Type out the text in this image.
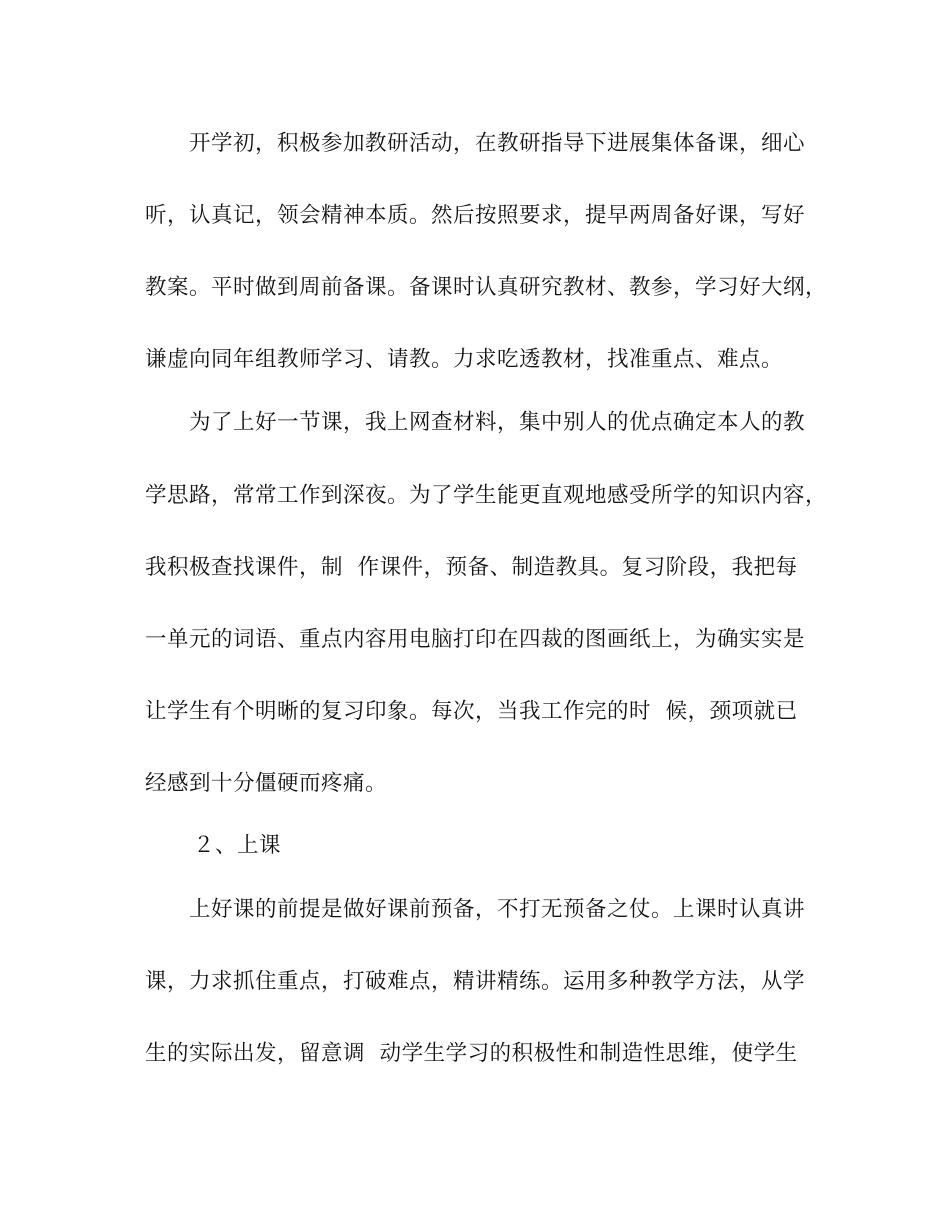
开学初，积极参加教研活动，在教研指导下进展集体备课，细心
听，认真记，领会精神本质。然后按照要求，提早两周备好课，写好
教案。平时做到周前备课。备课时认真研究教材、教参，学习好大纲，
谦虚向同年组教师学习、请教。力求吃透教材，找准重点、难点。
为了上好一节课，我上网查材料，集中别人的优点确定本人的教
学思路，常常工作到深夜。为了学生能更直观地感受所学的知识内容，
我积极查找课件，制  作课件，预备、制造教具。复习阶段，我把每
一单元的词语、重点内容用电脑打印在四裁的图画纸上，为确实实是
让学生有个明晰的复习印象。每次，当我工作完的时  候，颈项就已
经感到十分僵硬而疼痛。
２、上课
上好课的前提是做好课前预备，不打无预备之仗。上课时认真讲
课，力求抓住重点，打破难点，精讲精练。运用多种教学方法，从学
生的实际出发，留意调  动学生学习的积极性和制造性思维，使学生
